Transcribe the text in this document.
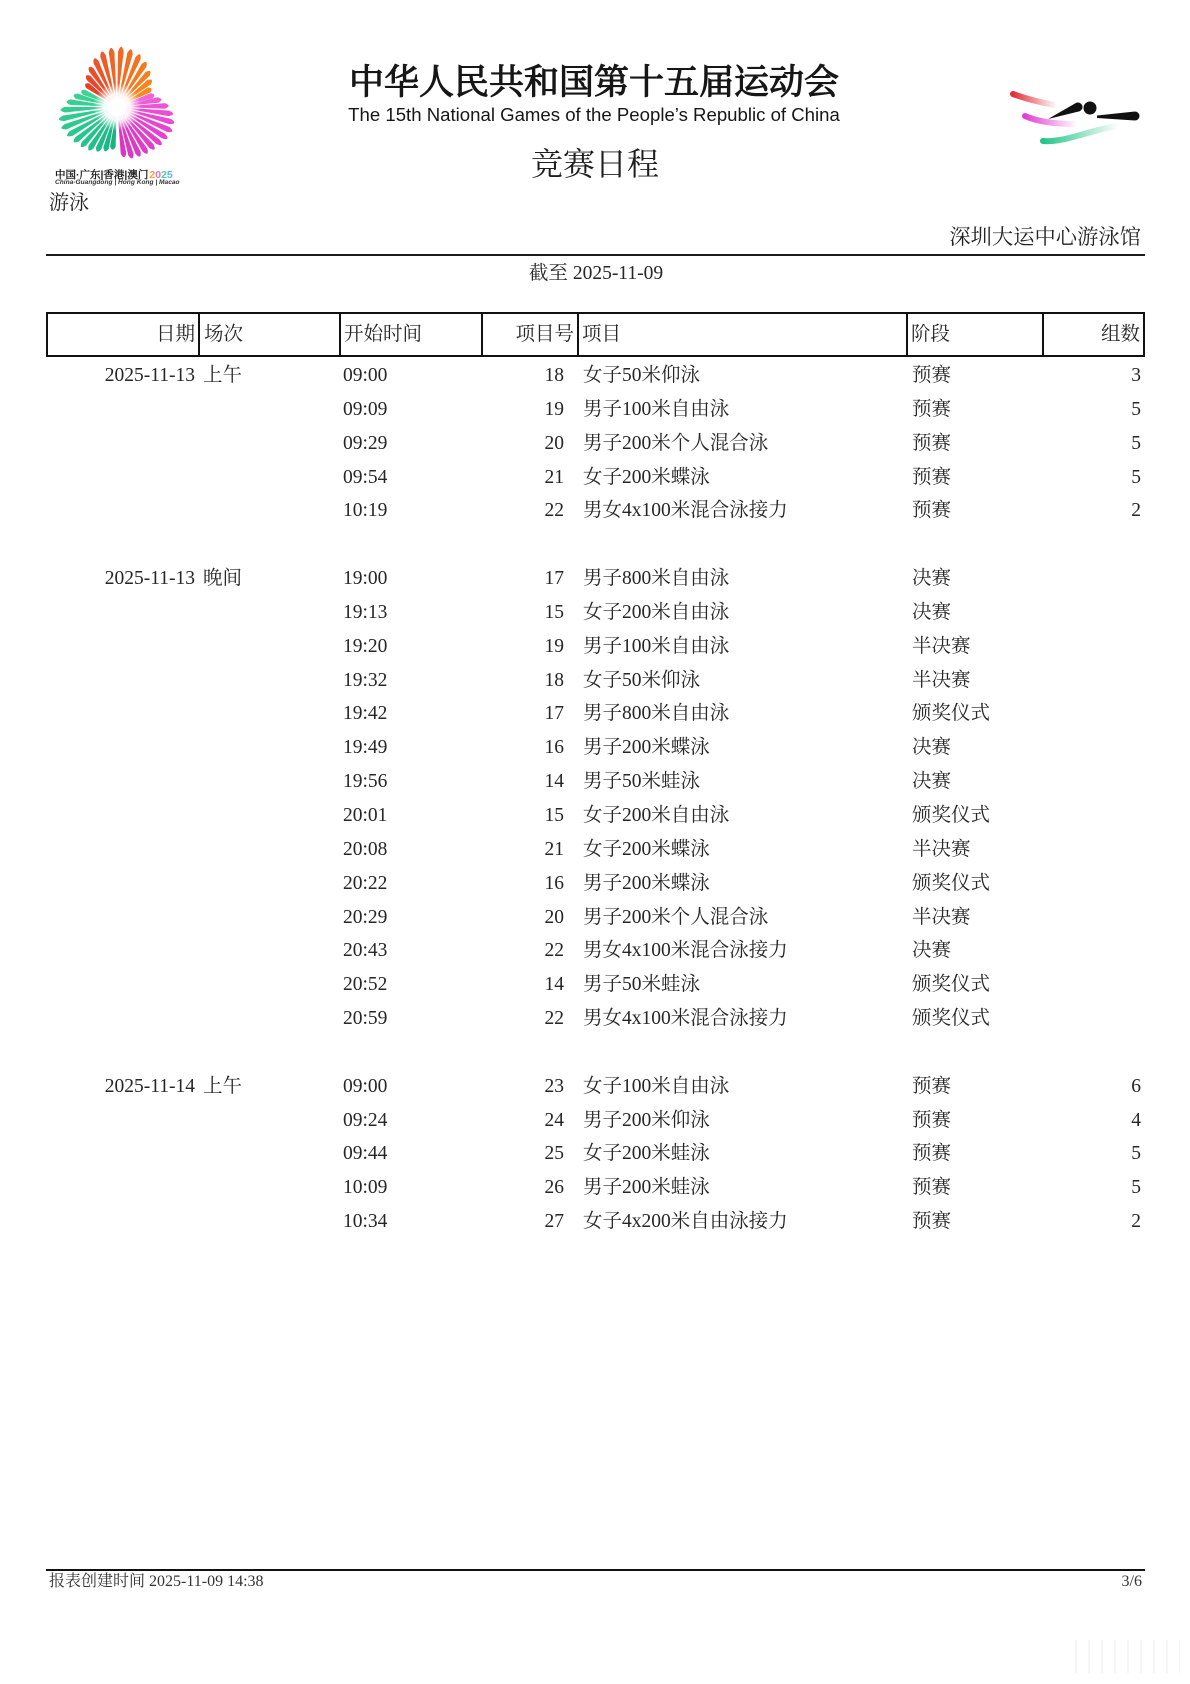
中国·广东|香港|澳门2025
China-Guangdong | Hong Kong | Macao
游泳
中华人民共和国第十五届运动会
The 15th National Games of the People’s Republic of China
竞赛日程
深圳大运中心游泳馆
截至 2025-11-09
日期 场次	开始时间	项目号 项目	阶段	组数
2025-11-13 上午	09:00	18 女子50米仰泳	预赛	3
09:09	19 男子100米自由泳	预赛	5
09:29	20 男子200米个人混合泳	预赛	5
09:54	21 女子200米蝶泳	预赛	5
10:19	22 男女4x100米混合泳接力	预赛	2
2025-11-13 晚间	19:00	17 男子800米自由泳	决赛
19:13	15 女子200米自由泳	决赛
19:20	19 男子100米自由泳	半决赛
19:32	18 女子50米仰泳	半决赛
19:42	17 男子800米自由泳	颁奖仪式
19:49	16 男子200米蝶泳	决赛
19:56	14 男子50米蛙泳	决赛
20:01	15 女子200米自由泳	颁奖仪式
20:08	21 女子200米蝶泳	半决赛
20:22	16 男子200米蝶泳	颁奖仪式
20:29	20 男子200米个人混合泳	半决赛
20:43	22 男女4x100米混合泳接力	决赛
20:52	14 男子50米蛙泳	颁奖仪式
20:59	22 男女4x100米混合泳接力	颁奖仪式
2025-11-14 上午	09:00	23 女子100米自由泳	预赛	6
09:24	24 男子200米仰泳	预赛	4
09:44	25 女子200米蛙泳	预赛	5
10:09	26 男子200米蛙泳	预赛	5
10:34	27 女子4x200米自由泳接力	预赛	2
报表创建时间 2025-11-09 14:38	3/6
